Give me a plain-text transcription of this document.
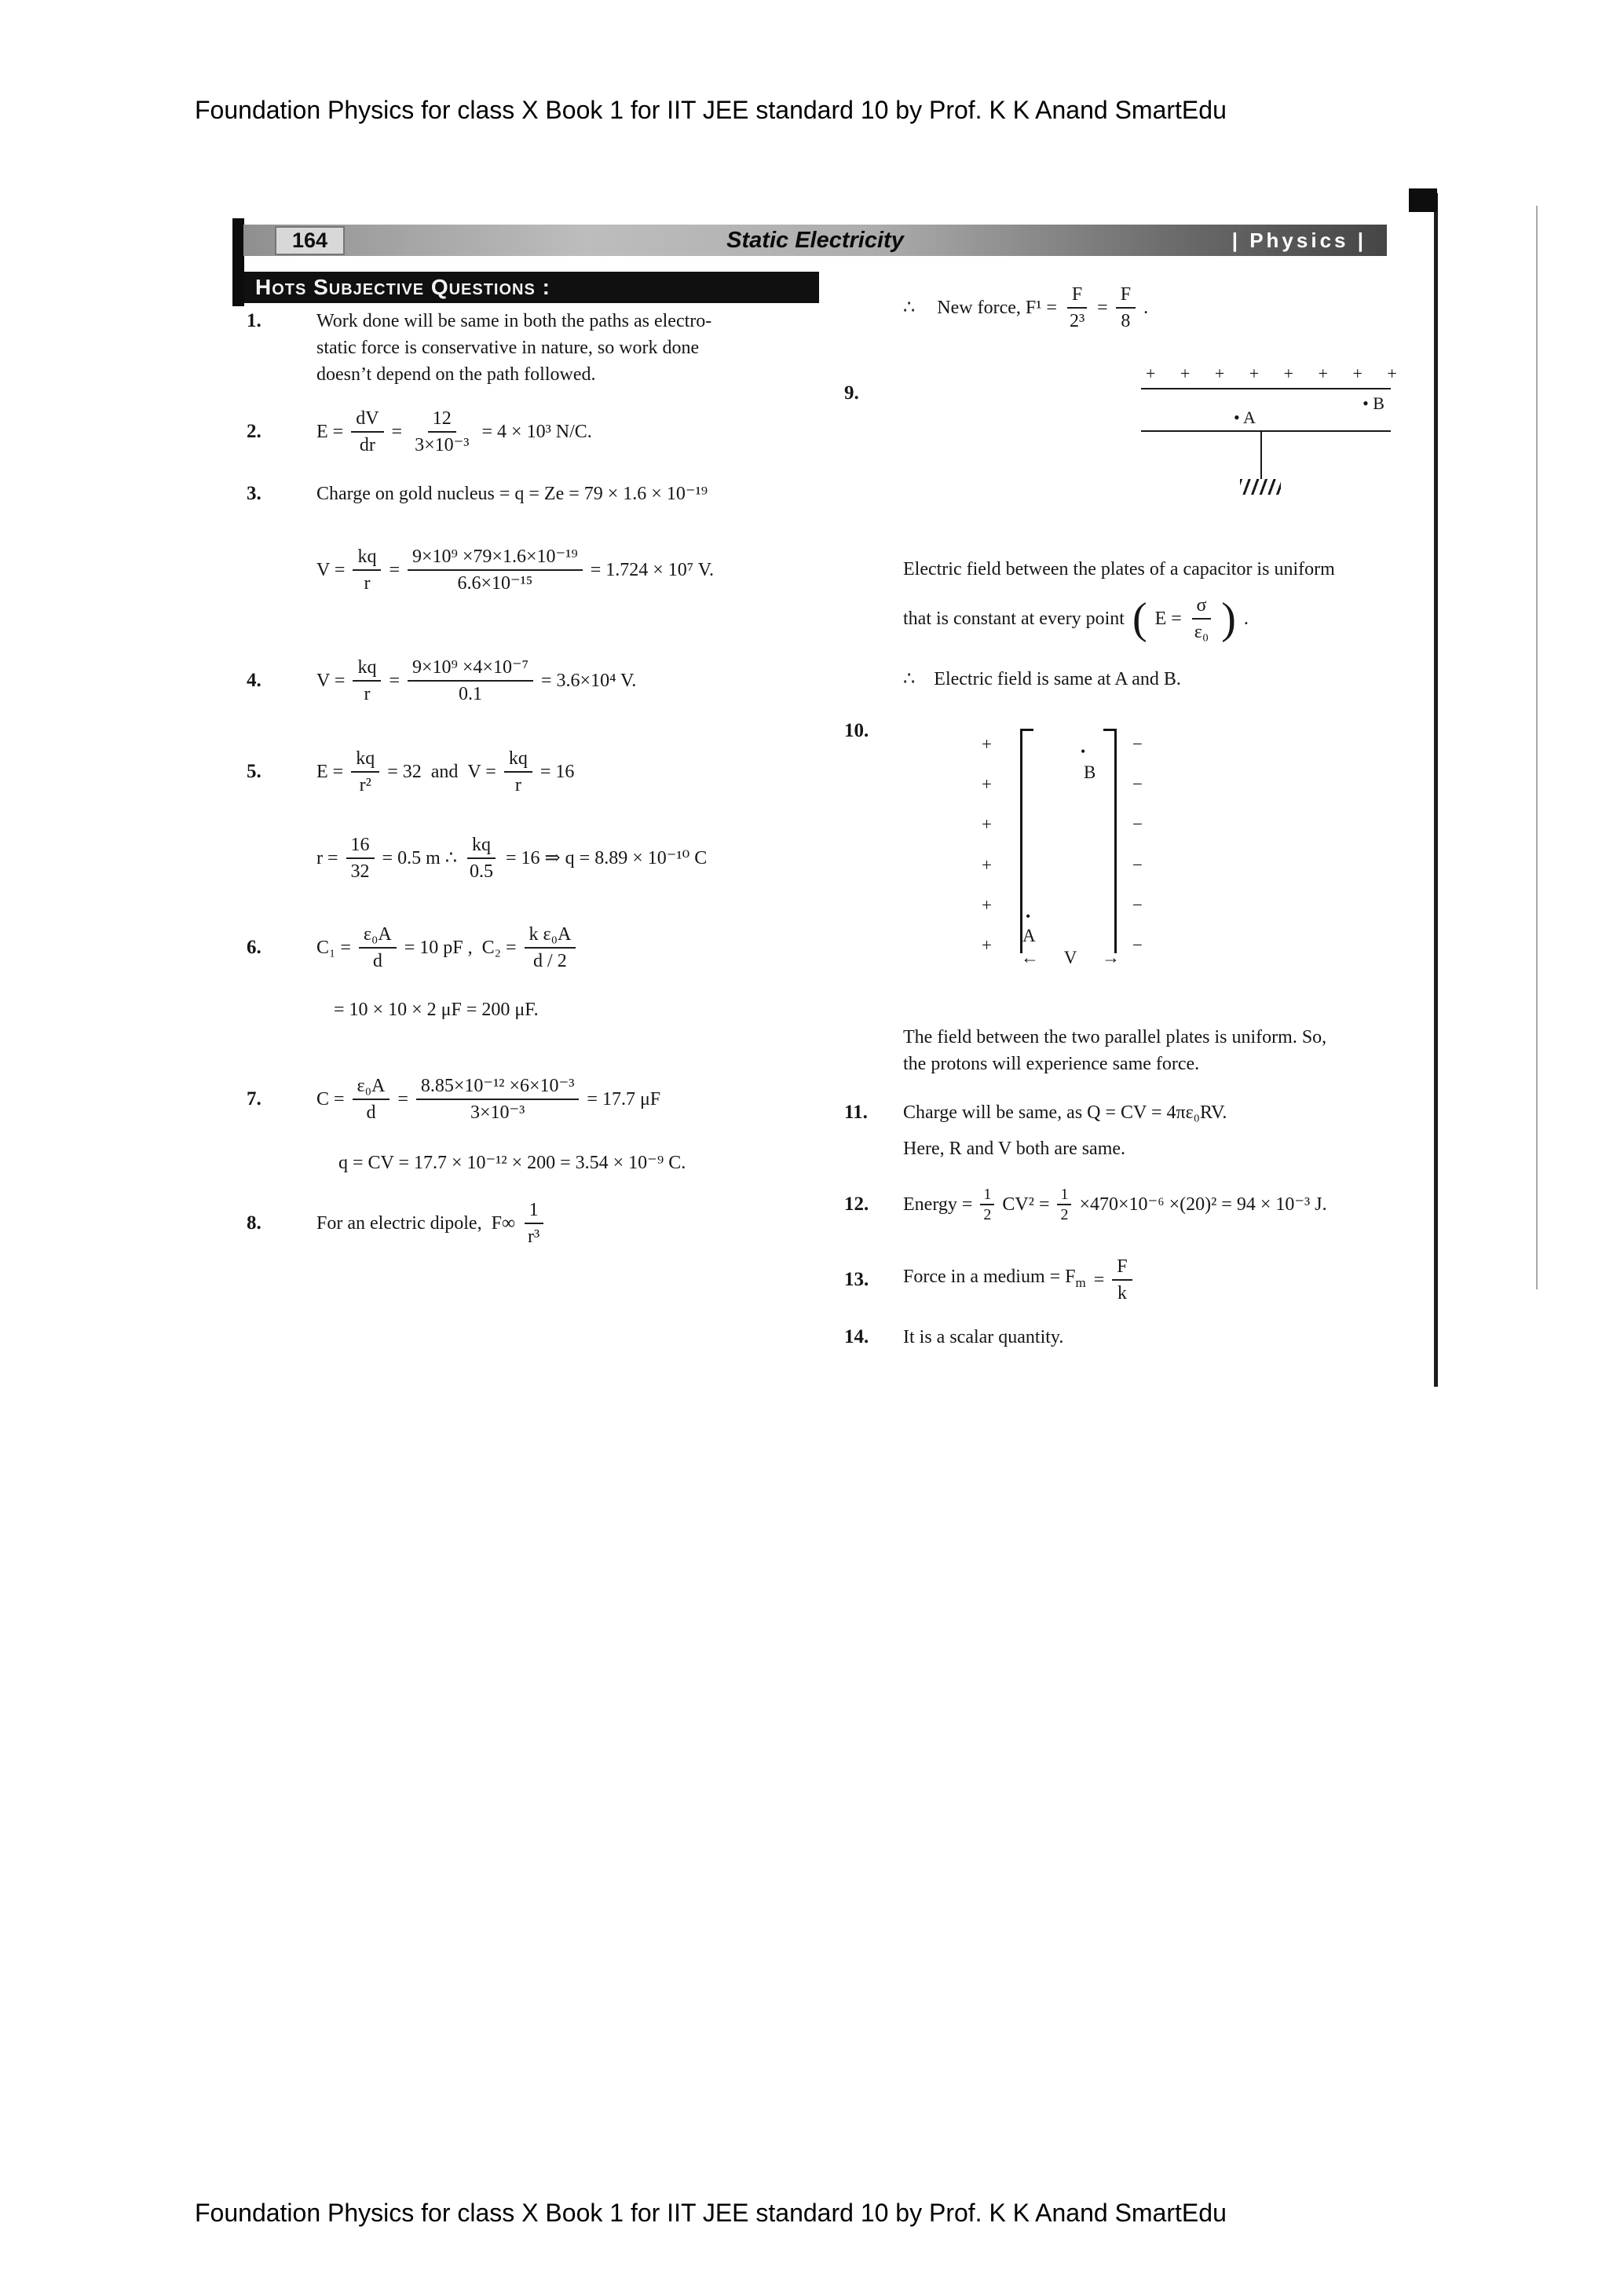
Foundation Physics for class X Book 1 for IIT JEE standard 10 by Prof. K K Anand SmartEdu
164	Static Electricity	| Physics |
Hots Subjective Questions :
1.	Work done will be same in both the paths as electro-
static force is conservative in nature, so work done
doesn’t depend on the path followed.
2.	$E = \frac{dV}{dr} = \frac{12}{\text{3×10⁻³}} = 4 \times 10^3$ N/C.
3.	Charge on gold nucleus = q = Ze = 79 × 1.6 × 10⁻¹⁹
$V = \frac{kq}{r} = \frac{\text{9×10⁹ ×79×1.6×10⁻¹⁹}}{\text{6.6×10⁻¹⁵}} = 1.724 \times 10^7$ V.
4.	$V = \frac{kq}{r} = \frac{\text{9×10⁹ ×4×10⁻⁷}}{0.1} = 3.6\times 10^4$ V.
5.	$E = \frac{kq}{\text{r²}} = 32$  and  $V = \frac{kq}{r} = 16$
$r = \frac{16}{32} = 0.5$ m ∴ $\frac{kq}{0.5} = 16$ ⇒ q = 8.89 × 10⁻¹⁰ C
6.	$C_1 = \frac{\text{ε₀A}}{d} = 10$ pF ,  $C_2 = \frac{\text{k ε₀A}}{d / 2}$
= 10 × 10 × 2 μF = 200 μF.
7.	$C = \frac{\text{ε₀A}}{d} = \frac{\text{8.85×10⁻¹² ×6×10⁻³}}{\text{3×10⁻³}} = 17.7$ μF
q = CV = 17.7 × 10⁻¹² × 200 = 3.54 × 10⁻⁹ C.
8.	For an electric dipole,  $F\infty \frac{1}{\text{r³}}$
∴ New force, $F^1 = \frac{F}{\text{2³}} = \frac{F}{8}$ .
9.
+ + + + + + + +
• B
• A
Electric field between the plates of a capacitor is uniform
that is constant at every point ( $E = \frac{\sigma}{\text{ε₀}}$ ) .
∴ Electric field is same at A and B.
10.
+
+
+
+
+
+
−
−
−
−
−
−
•
B
•
A
← V →
The field between the two parallel plates is uniform. So,
the protons will experience same force.
11.	Charge will be same, as Q = CV = 4πε₀RV.
Here, R and V both are same.
12.	Energy = $\frac{1}{2} CV^2 = \frac{1}{2} \times 470\times 10^{-6} \times(20)^2 = 94 \times 10^{-3}$ J.
13.	Force in a medium = $F_m = \frac{F}{k}$
14.	It is a scalar quantity.
Foundation Physics for class X Book 1 for IIT JEE standard 10 by Prof. K K Anand SmartEdu
